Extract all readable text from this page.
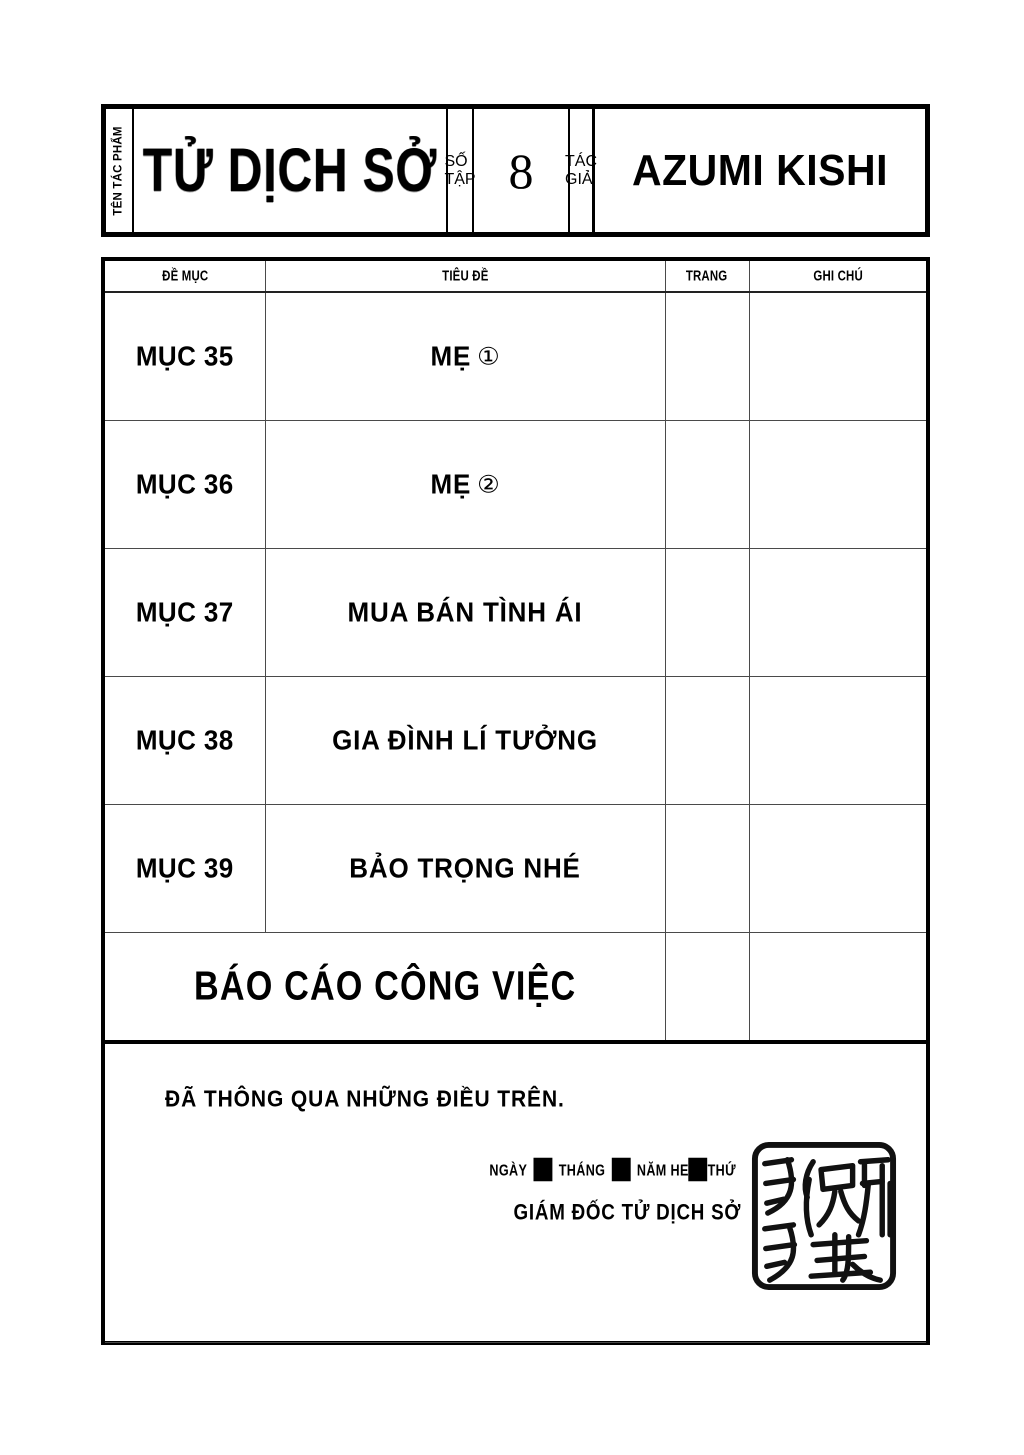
TÊN TÁC PHẨM TỬ DỊCH SỞ SỐ TẬP 8 TÁC GIẢ AZUMI KISHI
ĐỀ MỤC	TIÊU ĐỀ	TRANG	GHI CHÚ
MỤC 35	MẸ ①		
MỤC 36	MẸ ②		
MỤC 37	MUA BÁN TÌNH ÁI		
MỤC 38	GIA ĐÌNH LÍ TƯỞNG		
MỤC 39	BẢO TRỌNG NHÉ		
BÁO CÁO CÔNG VIỆC			

ĐÃ THÔNG QUA NHỮNG ĐIỀU TRÊN.
NGÀY THÁNG NĂM HE THỨ
GIÁM ĐỐC TỬ DỊCH SỞ
